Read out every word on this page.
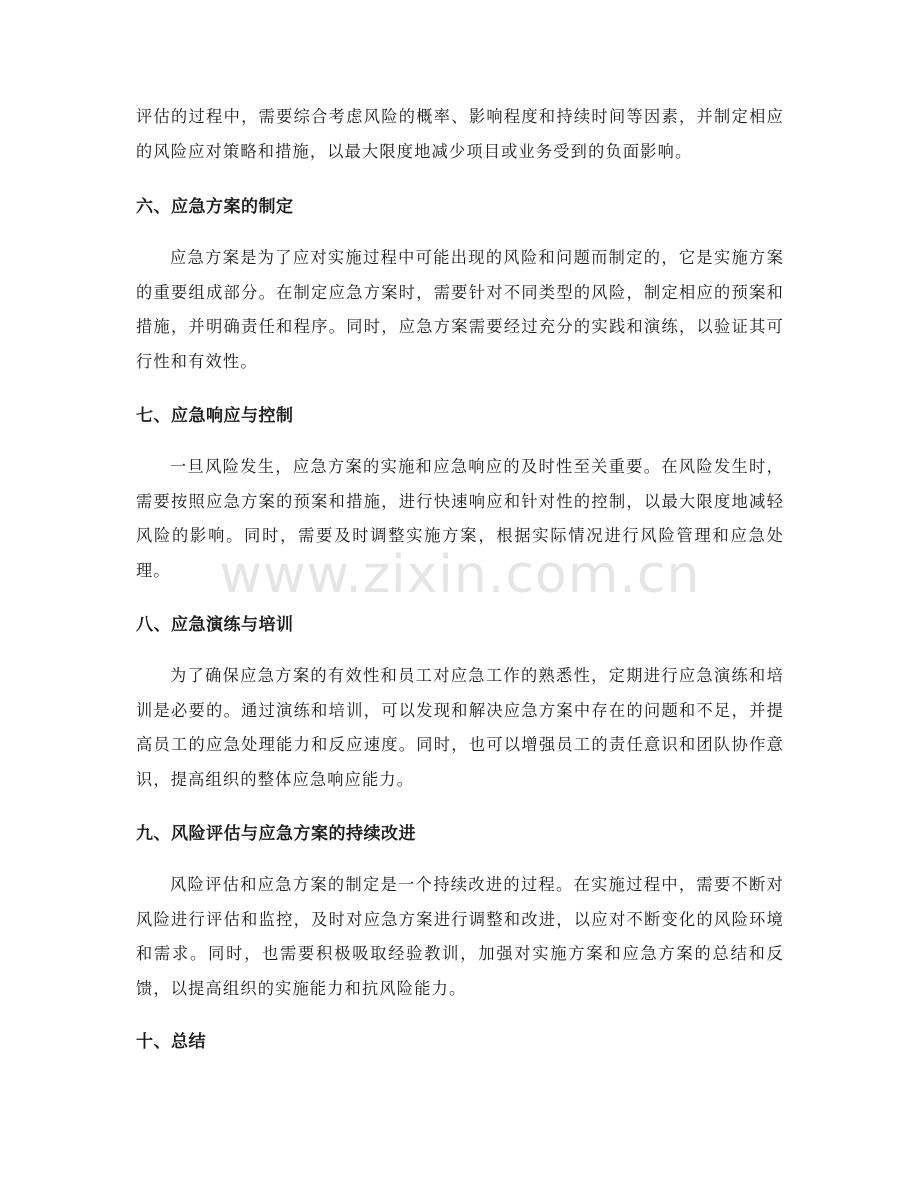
评估的过程中，需要综合考虑风险的概率、影响程度和持续时间等因素，并制定相应的风险应对策略和措施，以最大限度地减少项目或业务受到的负面影响。

六、应急方案的制定

应急方案是为了应对实施过程中可能出现的风险和问题而制定的，它是实施方案的重要组成部分。在制定应急方案时，需要针对不同类型的风险，制定相应的预案和措施，并明确责任和程序。同时，应急方案需要经过充分的实践和演练，以验证其可行性和有效性。

七、应急响应与控制

一旦风险发生，应急方案的实施和应急响应的及时性至关重要。在风险发生时，需要按照应急方案的预案和措施，进行快速响应和针对性的控制，以最大限度地减轻风险的影响。同时，需要及时调整实施方案，根据实际情况进行风险管理和应急处理。

八、应急演练与培训

为了确保应急方案的有效性和员工对应急工作的熟悉性，定期进行应急演练和培训是必要的。通过演练和培训，可以发现和解决应急方案中存在的问题和不足，并提高员工的应急处理能力和反应速度。同时，也可以增强员工的责任意识和团队协作意识，提高组织的整体应急响应能力。

九、风险评估与应急方案的持续改进

风险评估和应急方案的制定是一个持续改进的过程。在实施过程中，需要不断对风险进行评估和监控，及时对应急方案进行调整和改进，以应对不断变化的风险环境和需求。同时，也需要积极吸取经验教训，加强对实施方案和应急方案的总结和反馈，以提高组织的实施能力和抗风险能力。

十、总结
www.zixin.com.cn
